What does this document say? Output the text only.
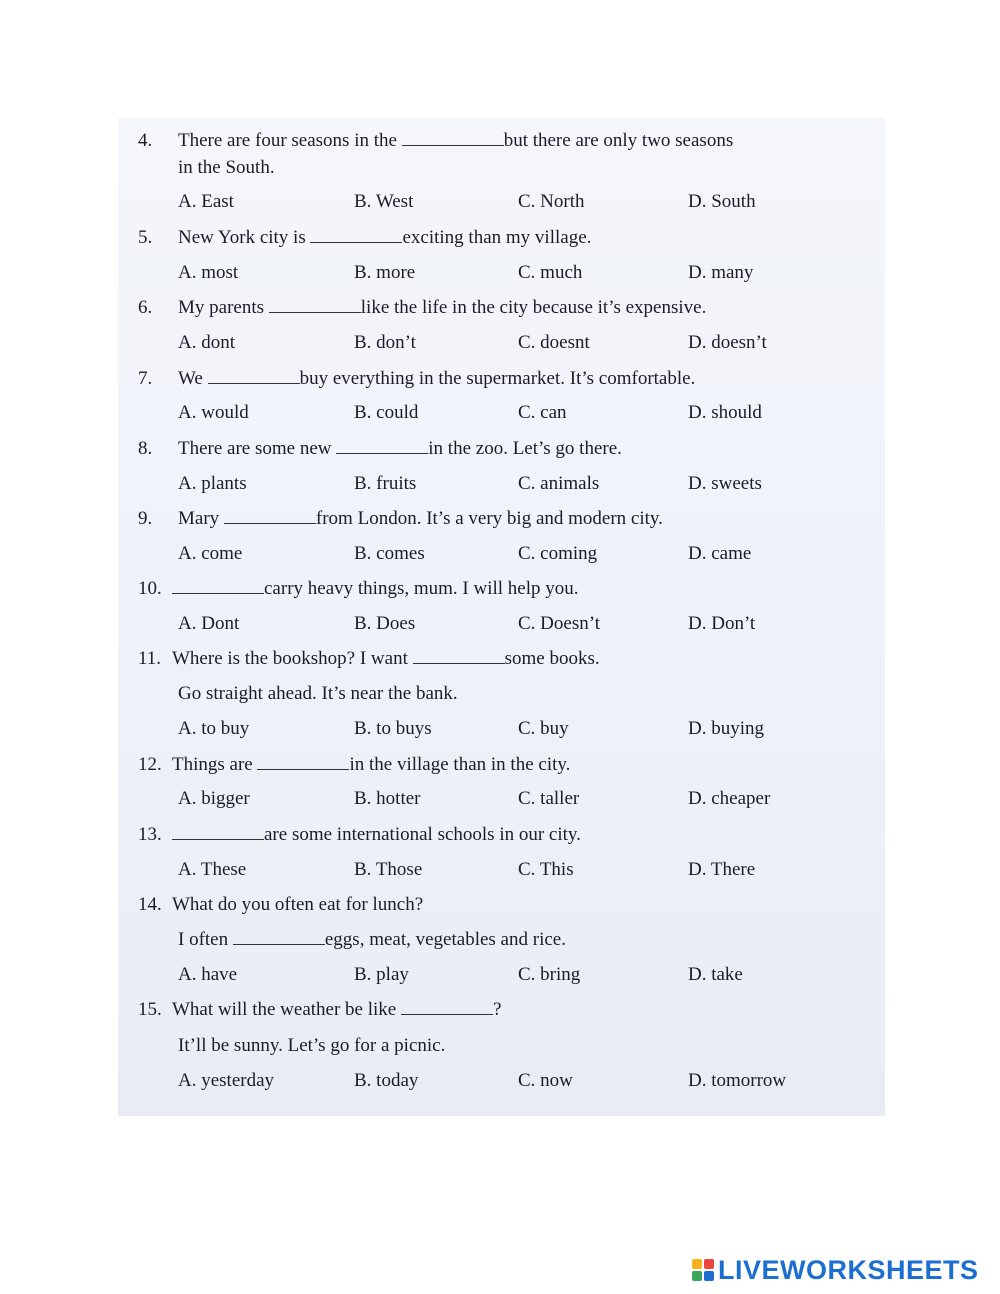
4. There are four seasons in the	but there are only two seasons
in the South.
A. East	B. West	C. North	D. South
5. New York city is	exciting than my village.
A. most	B. more	C. much	D. many
6. My parents	like the life in the city because it’s expensive.
A. dont	B. don’t	C. doesnt	D. doesn’t
7. We	buy everything in the supermarket. It’s comfortable.
A. would	B. could	C. can	D. should
8. There are some new	in the zoo. Let’s go there.
A. plants	B. fruits	C. animals	D. sweets
9. Mary	from London. It’s a very big and modern city.
A. come	B. comes	C. coming	D. came
10.	carry heavy things, mum. I will help you.
A. Dont	B. Does	C. Doesn’t	D. Don’t
11. Where is the bookshop? I want	some books.
Go straight ahead. It’s near the bank.
A. to buy	B. to buys	C. buy	D. buying
12. Things are	in the village than in the city.
A. bigger	B. hotter	C. taller	D. cheaper
13.	are some international schools in our city.
A. These	B. Those	C. This	D. There
14. What do you often eat for lunch?
I often	eggs, meat, vegetables and rice.
A. have	B. play	C. bring	D. take
15. What will the weather be like	?
It’ll be sunny. Let’s go for a picnic.
A. yesterday	B. today	C. now	D. tomorrow
LIVEWORKSHEETS
